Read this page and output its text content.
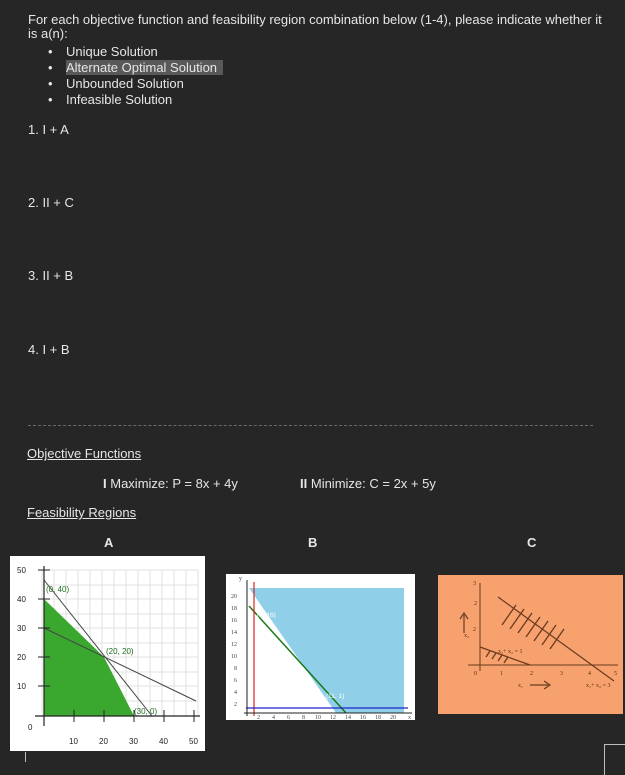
For each objective function and feasibility region combination below (1-4), please indicate whether it is a(n):
• Unique Solution
• Alternate Optimal Solution
• Unbounded Solution
• Infeasible Solution
1. I + A
2. II + C
3. II + B
4. I + B
Objective Functions
I Maximize: P = 8x + 4y	II Minimize: C = 2x + 5y
Feasibility Regions
A	B	C
50
40
30
20
10
0
10	20	30	40	50
(0, 40)
(20, 20)
(30, 0)
y
x
20
18
16
14
12
10
8
6
4
2
2 4 6 8 10 12 14 16 18 20
(1, 16)
(11, 1)
3
2
2
x₂
0	1	2	3	4	5
x₁
x₁+ x₂ = 1
x₁+ x₂ = 3
